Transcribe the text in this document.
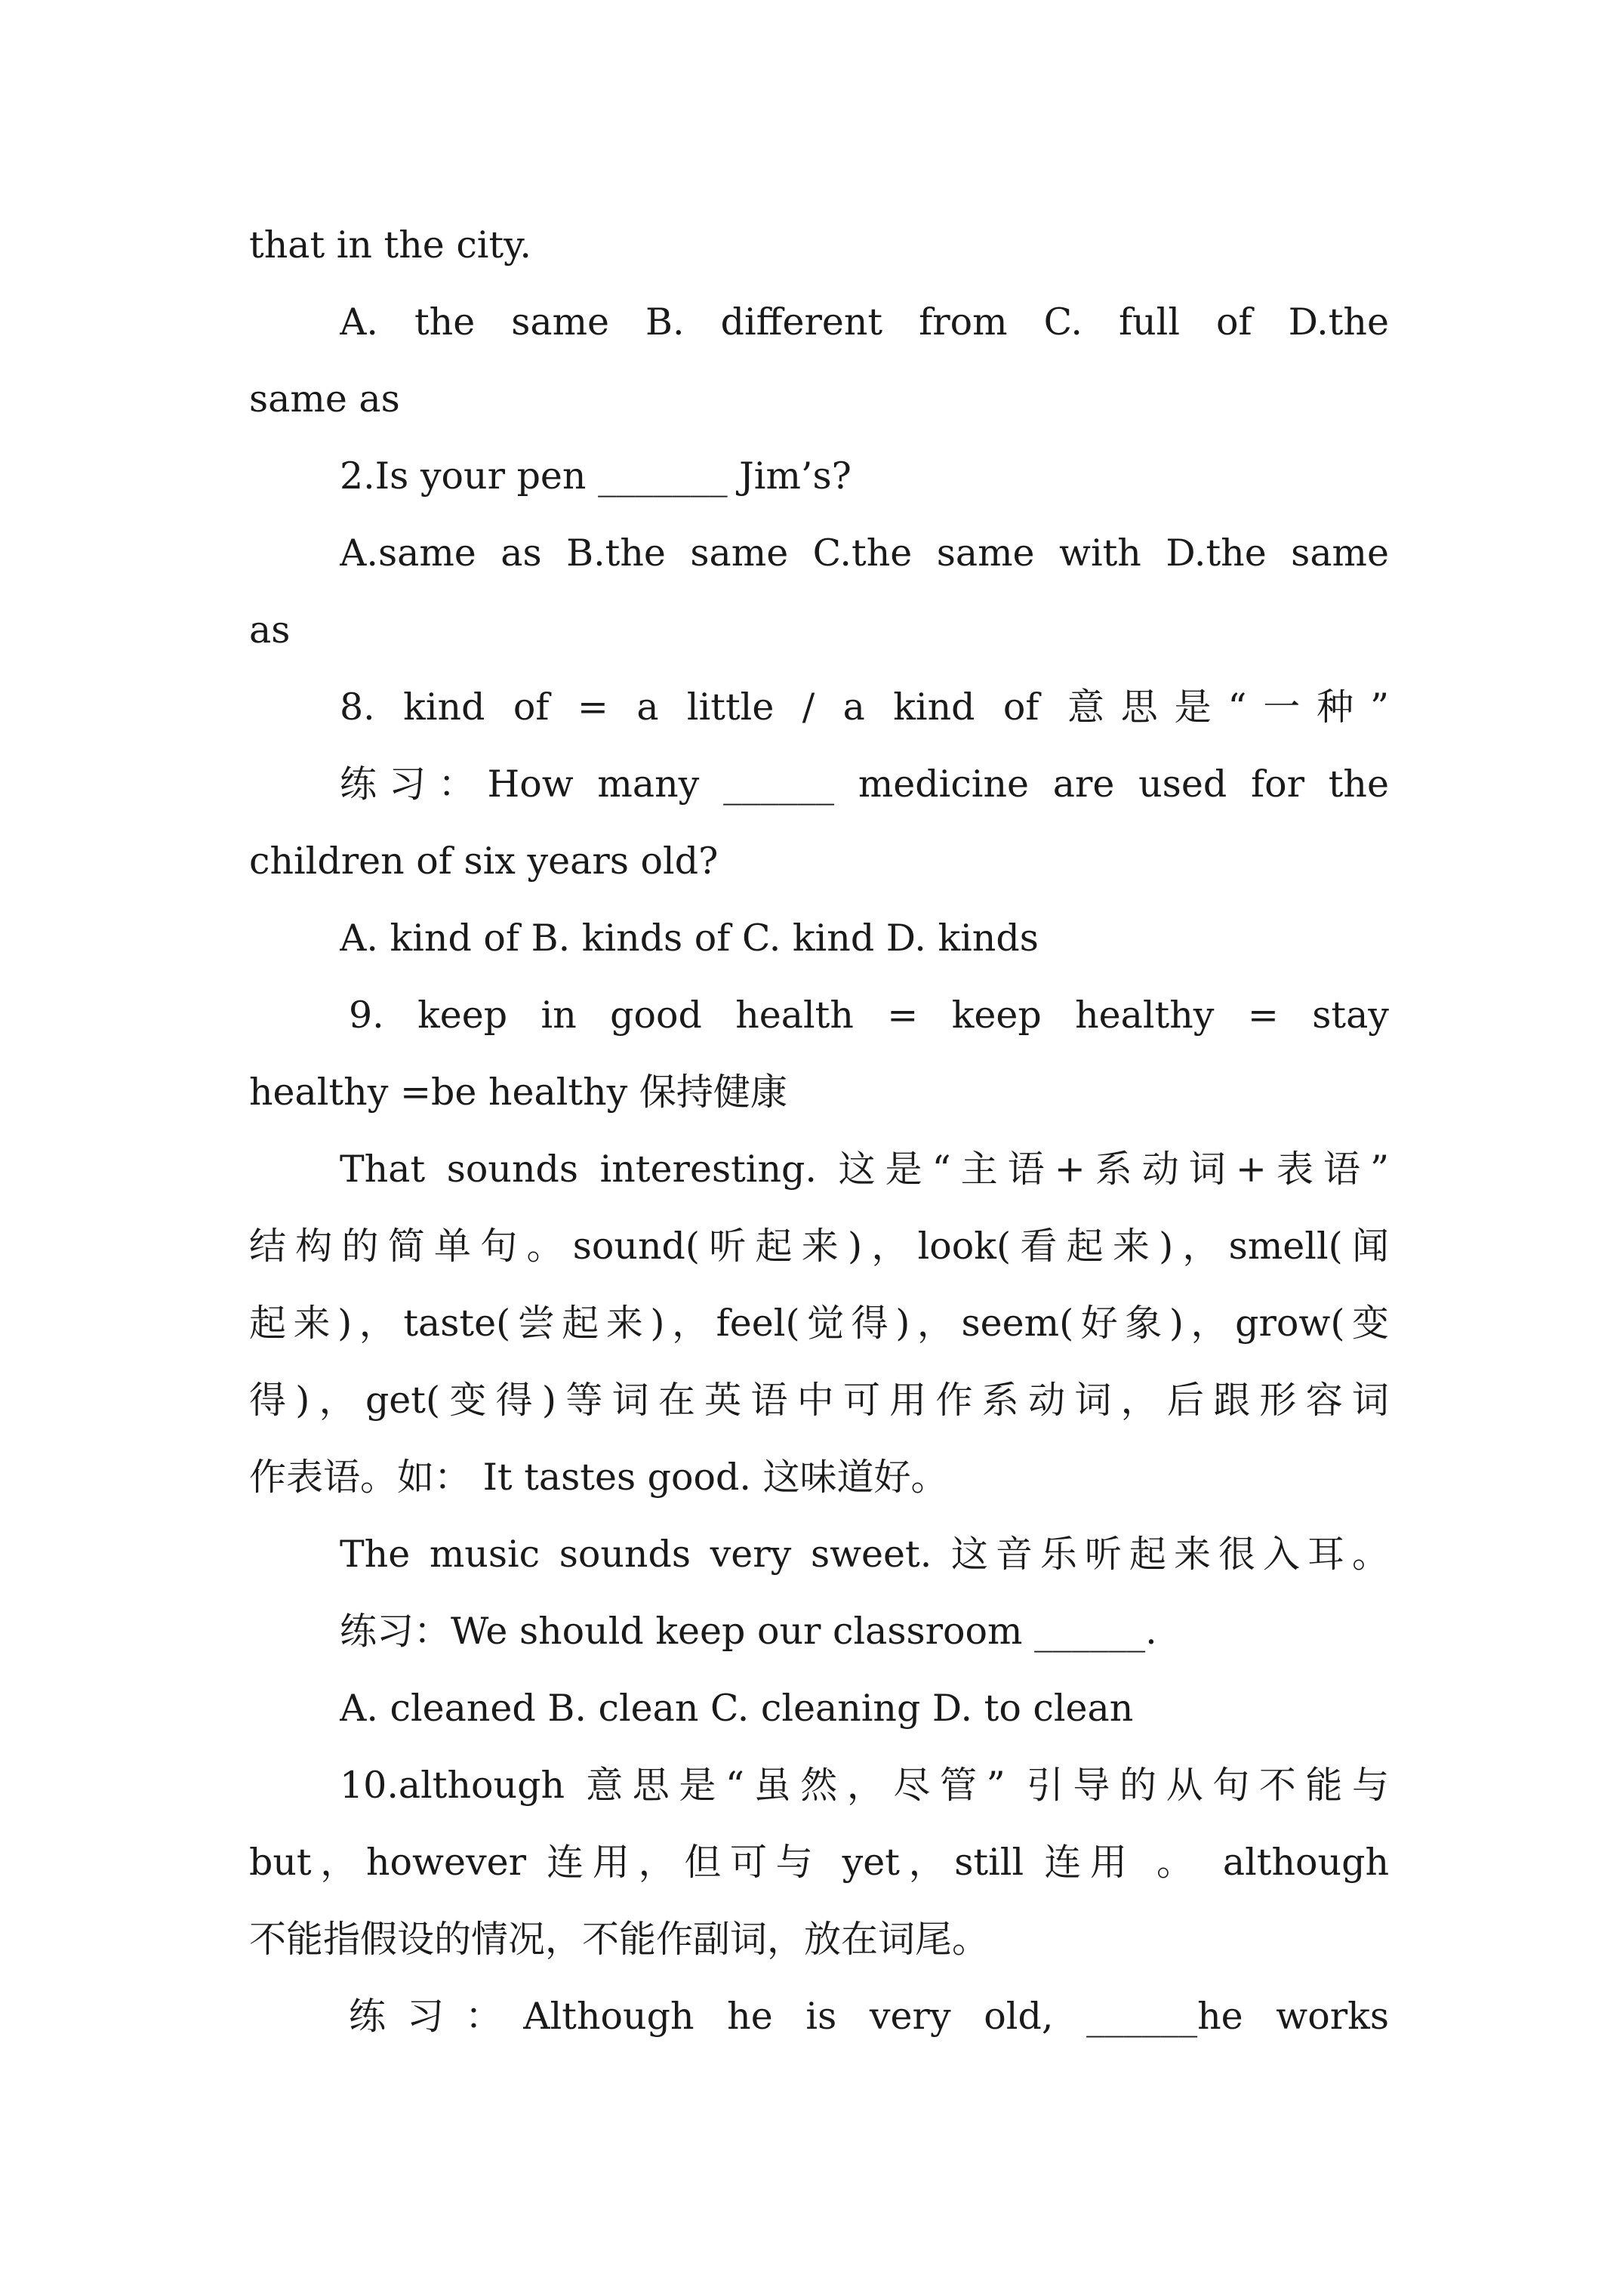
that in the city.
A. the same B. different from C. full of D.the
same as
2.Is your pen _______ Jim’s?
A.same as B.the same C.the same with D.the same
as
8. kind of = a little / a kind of 意思是“一种”
练习：How many ______ medicine are used for the
children of six years old?
A. kind of B. kinds of C. kind D. kinds
9. keep in good health = keep healthy = stay
healthy =be healthy 保持健康
That sounds interesting. 这是“主语+系动词+表语”
结构的简单句。sound(听起来)，look(看起来)，smell(闻
起来)，taste(尝起来)，feel(觉得)，seem(好象)，grow(变
得)，get(变得)等词在英语中可用作系动词，后跟形容词
作表语。如： It tastes good. 这味道好。
The music sounds very sweet. 这音乐听起来很入耳。
练习：We should keep our classroom ______.
A. cleaned B. clean C. cleaning D. to clean
10.although 意思是“虽然，尽管” 引导的从句不能与
but，however 连用，但可与 yet，still 连用 。 although
不能指假设的情况，不能作副词，放在词尾。
练习：Although he is very old, ______he works
